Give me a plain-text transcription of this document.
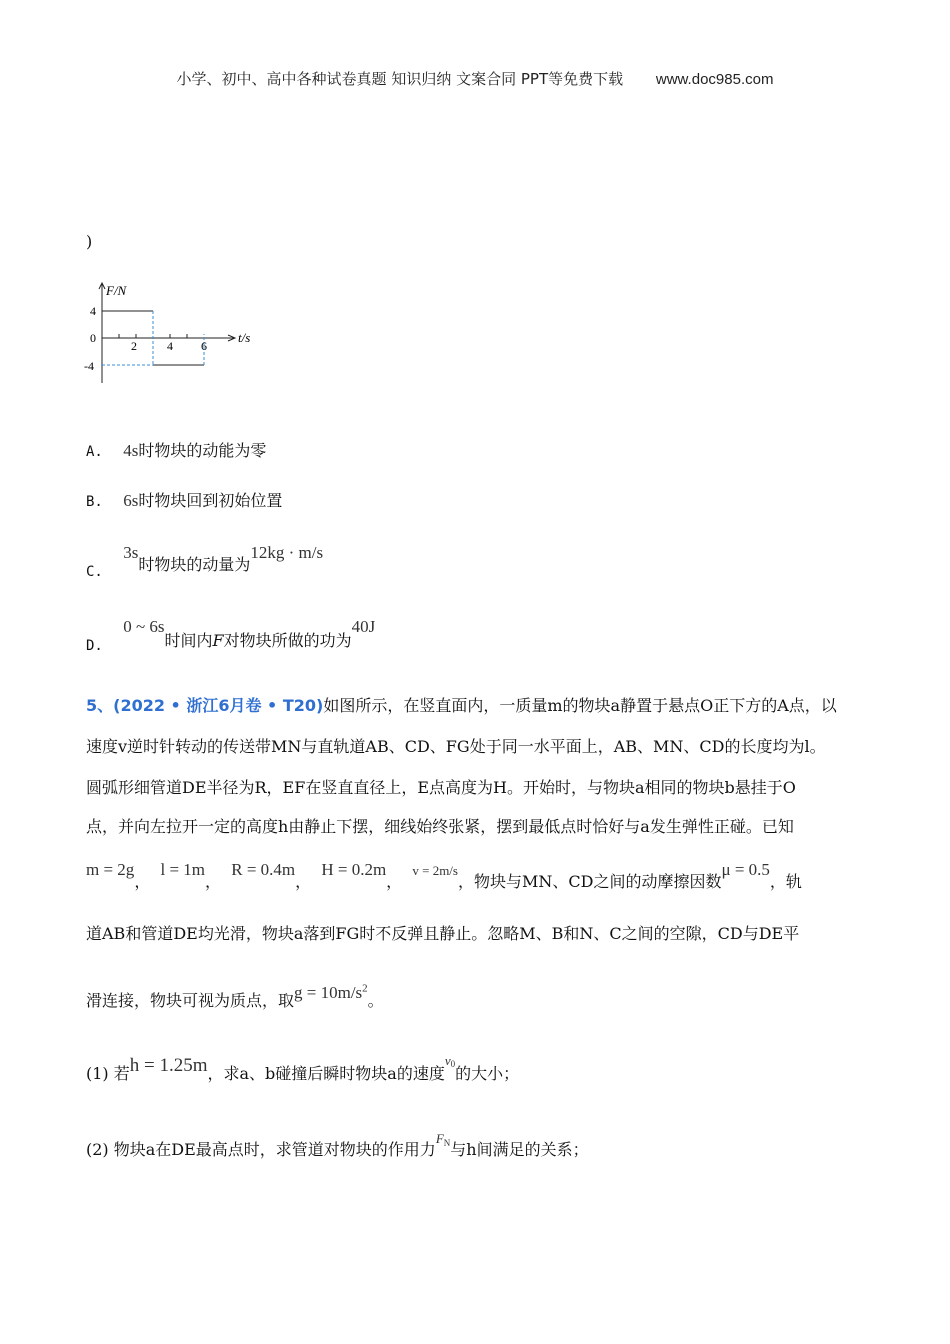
小学、初中、高中各种试卷真题 知识归纳 文案合同 PPT等免费下载 www.doc985.com
)
F/N
t/s
4
0
-4
2	4 6
A. 4s时物块的动能为零
B. 6s时物块回到初始位置
C.    3s时物块的动量为12kg · m/s
D.    0 ~ 6s时间内F对物块所做的功为40J
5、(2022 • 浙江6月卷 • T20)如图所示，在竖直面内，一质量m的物块a静置于悬点O正下方的A点，以
速度v逆时针转动的传送带MN与直轨道AB、CD、FG处于同一水平面上，AB、MN、CD的长度均为l。
圆弧形细管道DE半径为R，EF在竖直直径上，E点高度为H。开始时，与物块a相同的物块b悬挂于O
点，并向左拉开一定的高度h由静止下摆，细线始终张紧，摆到最低点时恰好与a发生弹性正碰。已知
m = 2g，  l = 1m，  R = 0.4m，  H = 0.2m，  v = 2m/s，物块与MN、CD之间的动摩擦因数μ = 0.5，轨
道AB和管道DE均光滑，物块a落到FG时不反弹且静止。忽略M、B和N、C之间的空隙，CD与DE平
滑连接，物块可视为质点，取$g = 10m/s^2$。
(1) 若h = 1.25m，求a、b碰撞后瞬时物块a的速度$^{v0}$的大小；
(2) 物块a在DE最高点时，求管道对物块的作用力FN与h间满足的关系；
